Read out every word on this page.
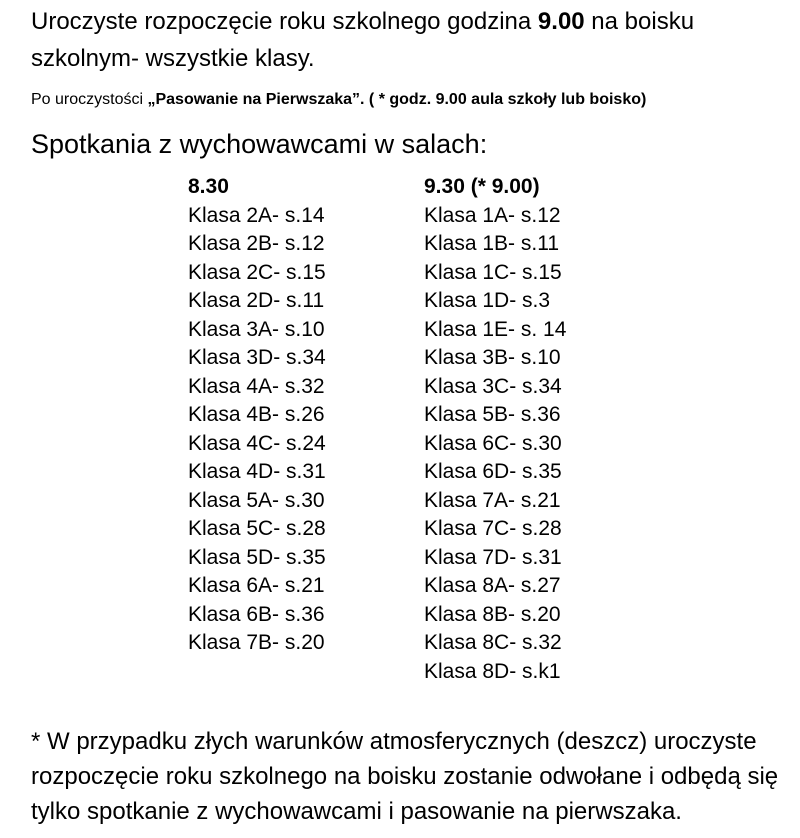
Uroczyste rozpoczęcie roku szkolnego godzina 9.00 na boisku szkolnym- wszystkie klasy.
Po uroczystości „Pasowanie na Pierwszaka”. ( * godz. 9.00 aula szkoły lub boisko)
Spotkania z wychowawcami w salach:
8.30
Klasa 2A- s.14
Klasa 2B- s.12
Klasa 2C- s.15
Klasa 2D- s.11
Klasa 3A- s.10
Klasa 3D- s.34
Klasa 4A- s.32
Klasa 4B- s.26
Klasa 4C- s.24
Klasa 4D- s.31
Klasa 5A- s.30
Klasa 5C- s.28
Klasa 5D- s.35
Klasa 6A- s.21
Klasa 6B- s.36
Klasa 7B- s.20
9.30 (* 9.00)
Klasa 1A- s.12
Klasa 1B- s.11
Klasa 1C- s.15
Klasa 1D- s.3
Klasa 1E- s. 14
Klasa 3B- s.10
Klasa 3C- s.34
Klasa 5B- s.36
Klasa 6C- s.30
Klasa 6D- s.35
Klasa 7A- s.21
Klasa 7C- s.28
Klasa 7D- s.31
Klasa 8A- s.27
Klasa 8B- s.20
Klasa 8C- s.32
Klasa 8D- s.k1
* W przypadku złych warunków atmosferycznych (deszcz) uroczyste rozpoczęcie roku szkolnego na boisku zostanie odwołane i odbędą się tylko spotkanie z wychowawcami i pasowanie na pierwszaka.
